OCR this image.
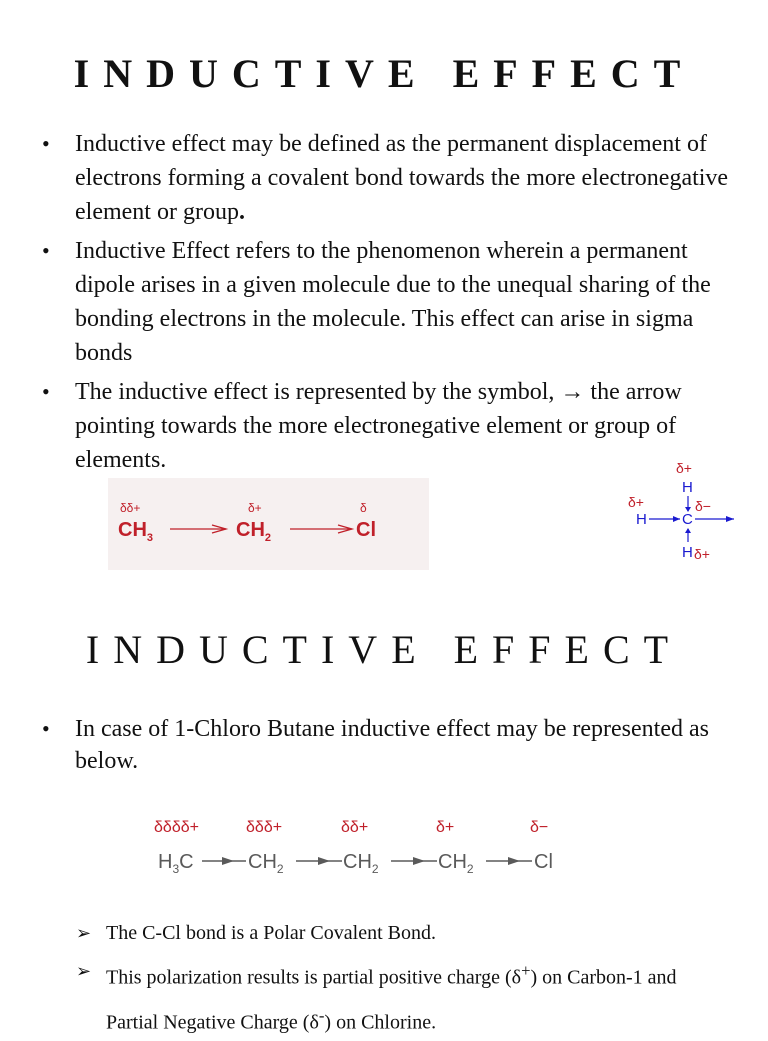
INDUCTIVE EFFECT
• Inductive effect may be defined as the permanent displacement of electrons forming a covalent bond towards the more electronegative element or group.
• Inductive Effect refers to the phenomenon wherein a permanent dipole arises in a given molecule due to the unequal sharing of the bonding electrons in the molecule. This effect can arise in sigma bonds
• The inductive effect is represented by the symbol, → the arrow pointing towards the more electronegative element or group of elements.
δδ+	δ+	δ
$CH_3$	$CH_2$	Cl
δ+
H
δ−
δ+
H C
H δ+
INDUCTIVE EFFECT
• In case of 1-Chloro Butane inductive effect may be represented as below.
δδδδ+	δδδ+	δδ+	δ+	δ−
$H_3C$	$CH_2$	$CH_2$	$CH_2$	Cl
➢ The C-Cl bond is a Polar Covalent Bond.
➢ This polarization results is partial positive charge (δ+) on Carbon-1 and Partial Negative Charge (δ-) on Chlorine.
